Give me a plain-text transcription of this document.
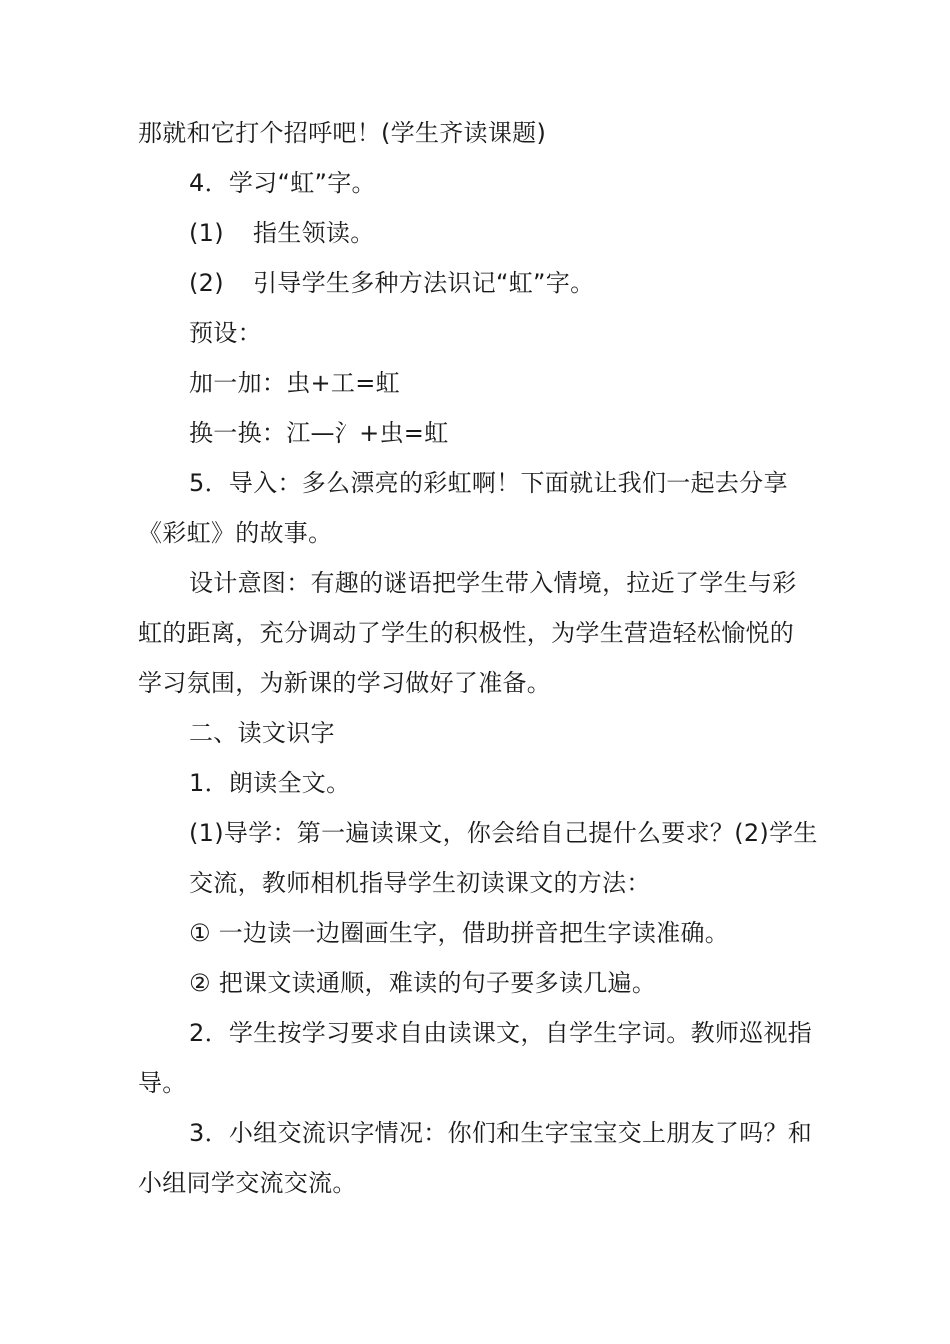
那就和它打个招呼吧！(学生齐读课题)
4．学习“虹”字。
(1) 指生领读。
(2) 引导学生多种方法识记“虹”字。
预设：
加一加：虫+工=虹
换一换：江—氵+虫=虹
5．导入：多么漂亮的彩虹啊！下面就让我们一起去分享
《彩虹》的故事。
设计意图：有趣的谜语把学生带入情境，拉近了学生与彩
虹的距离，充分调动了学生的积极性，为学生营造轻松愉悦的
学习氛围，为新课的学习做好了准备。
二、读文识字
1．朗读全文。
(1)导学：第一遍读课文，你会给自己提什么要求？(2)学生
交流，教师相机指导学生初读课文的方法：
① 一边读一边圈画生字，借助拼音把生字读准确。
② 把课文读通顺，难读的句子要多读几遍。
2．学生按学习要求自由读课文，自学生字词。教师巡视指
导。
3．小组交流识字情况：你们和生字宝宝交上朋友了吗？和
小组同学交流交流。
